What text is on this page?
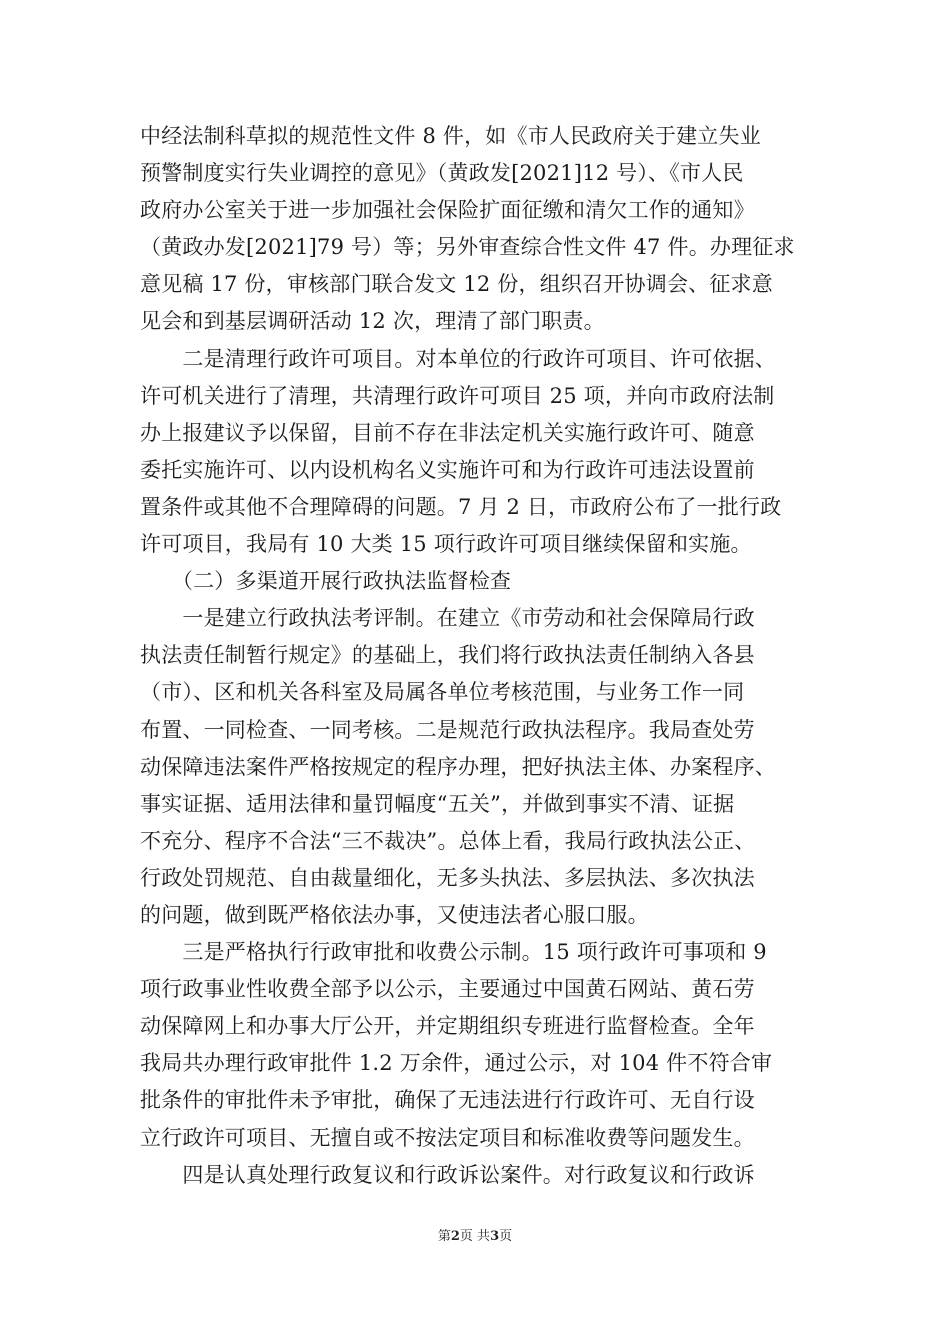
中经法制科草拟的规范性文件 8 件，如《市人民政府关于建立失业
预警制度实行失业调控的意见》（黄政发[2021]12 号）、《市人民
政府办公室关于进一步加强社会保险扩面征缴和清欠工作的通知》
（黄政办发[2021]79 号）等；另外审查综合性文件 47 件。办理征求
意见稿 17 份，审核部门联合发文 12 份，组织召开协调会、征求意
见会和到基层调研活动 12 次，理清了部门职责。
　　二是清理行政许可项目。对本单位的行政许可项目、许可依据、
许可机关进行了清理，共清理行政许可项目 25 项，并向市政府法制
办上报建议予以保留，目前不存在非法定机关实施行政许可、随意
委托实施许可、以内设机构名义实施许可和为行政许可违法设置前
置条件或其他不合理障碍的问题。7 月 2 日，市政府公布了一批行政
许可项目，我局有 10 大类 15 项行政许可项目继续保留和实施。
　　（二）多渠道开展行政执法监督检查
　　一是建立行政执法考评制。在建立《市劳动和社会保障局行政
执法责任制暂行规定》的基础上，我们将行政执法责任制纳入各县
（市）、区和机关各科室及局属各单位考核范围，与业务工作一同
布置、一同检查、一同考核。二是规范行政执法程序。我局查处劳
动保障违法案件严格按规定的程序办理，把好执法主体、办案程序、
事实证据、适用法律和量罚幅度“五关”，并做到事实不清、证据
不充分、程序不合法“三不裁决”。总体上看，我局行政执法公正、
行政处罚规范、自由裁量细化，无多头执法、多层执法、多次执法
的问题，做到既严格依法办事，又使违法者心服口服。
　　三是严格执行行政审批和收费公示制。15 项行政许可事项和 9
项行政事业性收费全部予以公示，主要通过中国黄石网站、黄石劳
动保障网上和办事大厅公开，并定期组织专班进行监督检查。全年
我局共办理行政审批件 1.2 万余件，通过公示，对 104 件不符合审
批条件的审批件未予审批，确保了无违法进行行政许可、无自行设
立行政许可项目、无擅自或不按法定项目和标准收费等问题发生。
　　四是认真处理行政复议和行政诉讼案件。对行政复议和行政诉
第2页 共3页
